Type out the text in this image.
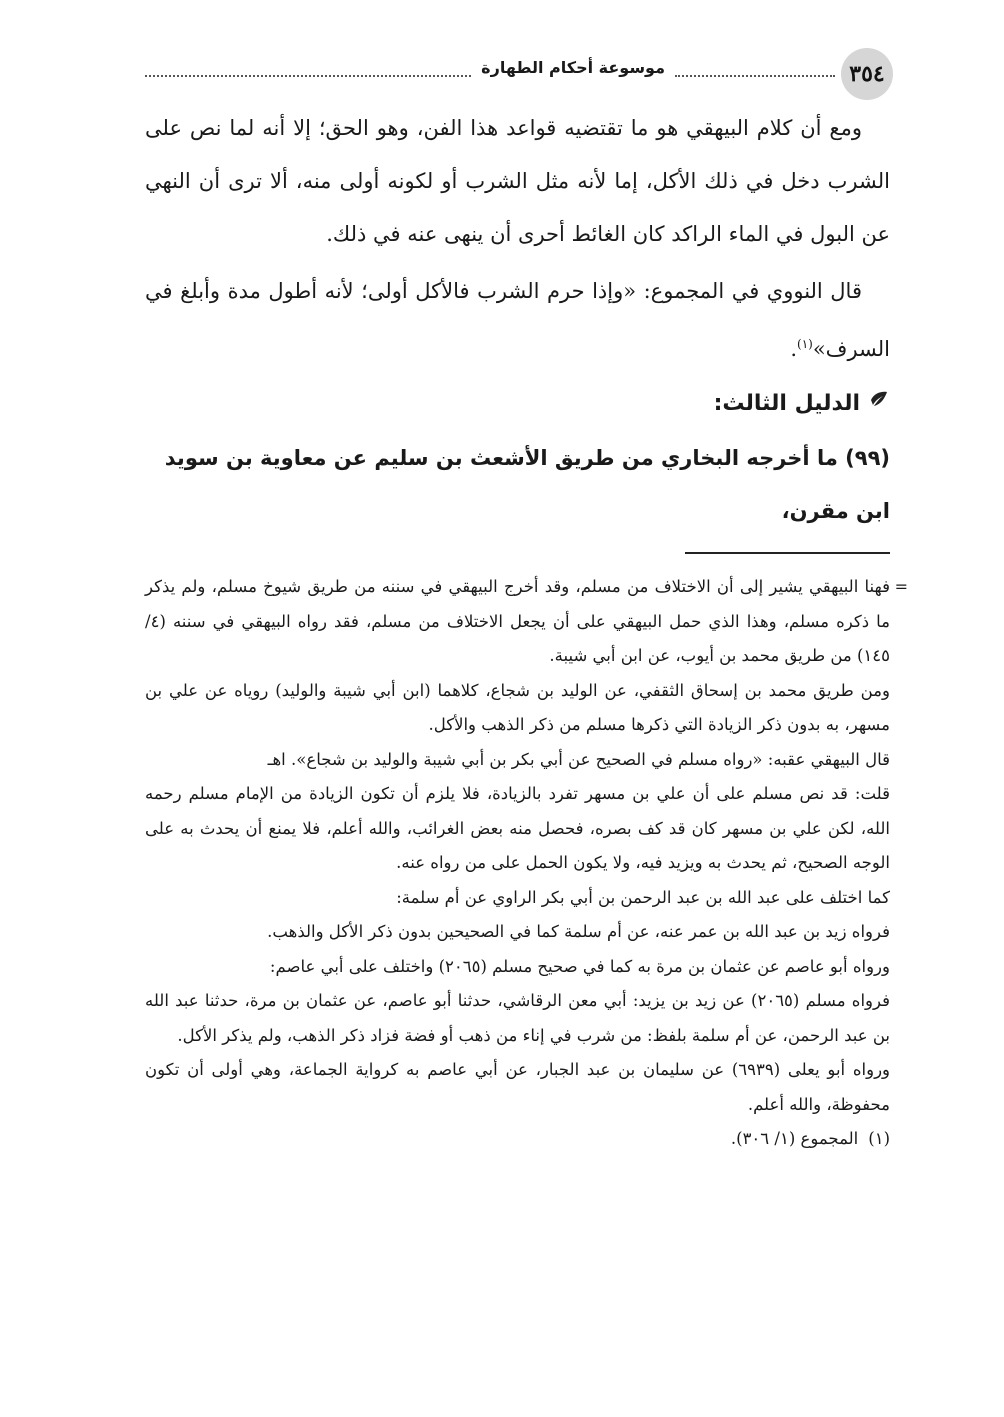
٣٥٤
موسوعة أحكام الطهارة

ومع أن كلام البيهقي هو ما تقتضيه قواعد هذا الفن، وهو الحق؛ إلا أنه لما نص على الشرب دخل في ذلك الأكل، إما لأنه مثل الشرب أو لكونه أولى منه، ألا ترى أن النهي عن البول في الماء الراكد كان الغائط أحرى أن ينهى عنه في ذلك.

قال النووي في المجموع: «وإذا حرم الشرب فالأكل أولى؛ لأنه أطول مدة وأبلغ في السرف»$^{(١)}$.

الدليل الثالث:

(٩٩) ما أخرجه البخاري من طريق الأشعث بن سليم عن معاوية بن سويد

ابن مقرن،

=

فهنا البيهقي يشير إلى أن الاختلاف من مسلم، وقد أخرج البيهقي في سننه من طريق شيوخ مسلم، ولم يذكر ما ذكره مسلم، وهذا الذي حمل البيهقي على أن يجعل الاختلاف من مسلم، فقد رواه البيهقي في سننه (٤/ ١٤٥) من طريق محمد بن أيوب، عن ابن أبي شيبة.

ومن طريق محمد بن إسحاق الثقفي، عن الوليد بن شجاع، كلاهما (ابن أبي شيبة والوليد) روياه عن علي بن مسهر، به بدون ذكر الزيادة التي ذكرها مسلم من ذكر الذهب والأكل.

قال البيهقي عقبه: «رواه مسلم في الصحيح عن أبي بكر بن أبي شيبة والوليد بن شجاع». اهـ

قلت: قد نص مسلم على أن علي بن مسهر تفرد بالزيادة، فلا يلزم أن تكون الزيادة من الإمام مسلم رحمه الله، لكن علي بن مسهر كان قد كف بصره، فحصل منه بعض الغرائب، والله أعلم، فلا يمنع أن يحدث به على الوجه الصحيح، ثم يحدث به ويزيد فيه، ولا يكون الحمل على من رواه عنه.

كما اختلف على عبد الله بن عبد الرحمن بن أبي بكر الراوي عن أم سلمة:

فرواه زيد بن عبد الله بن عمر عنه، عن أم سلمة كما في الصحيحين بدون ذكر الأكل والذهب.

ورواه أبو عاصم عن عثمان بن مرة به كما في صحيح مسلم (٢٠٦٥) واختلف على أبي عاصم:

فرواه مسلم (٢٠٦٥) عن زيد بن يزيد: أبي معن الرقاشي، حدثنا أبو عاصم، عن عثمان بن مرة، حدثنا عبد الله بن عبد الرحمن، عن أم سلمة بلفظ: من شرب في إناء من ذهب أو فضة فزاد ذكر الذهب، ولم يذكر الأكل.

ورواه أبو يعلى (٦٩٣٩) عن سليمان بن عبد الجبار، عن أبي عاصم به كرواية الجماعة، وهي أولى أن تكون محفوظة، والله أعلم.

(١)
المجموع (١/ ٣٠٦).
